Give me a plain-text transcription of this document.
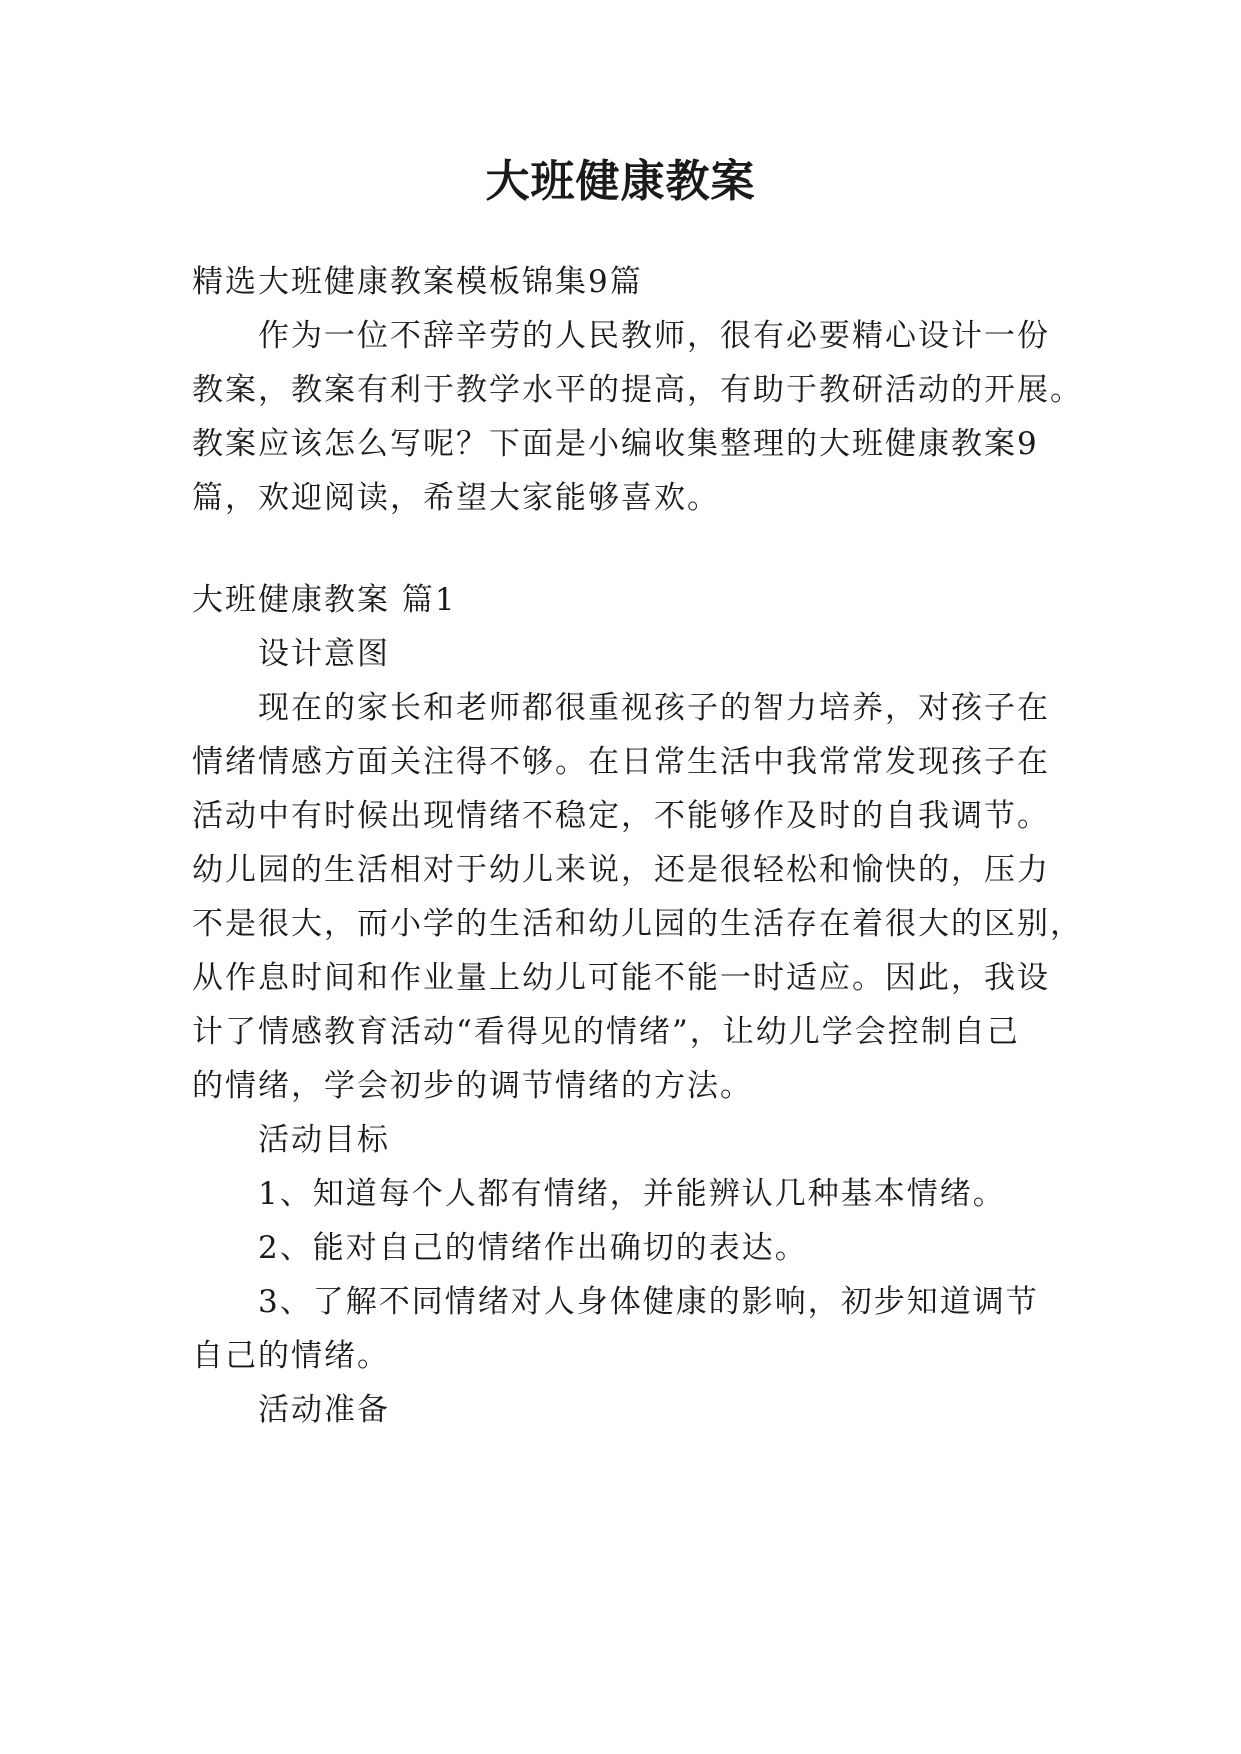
大班健康教案
精选大班健康教案模板锦集9篇
作为一位不辞辛劳的人民教师，很有必要精心设计一份
教案，教案有利于教学水平的提高，有助于教研活动的开展。
教案应该怎么写呢？下面是小编收集整理的大班健康教案9
篇，欢迎阅读，希望大家能够喜欢。
大班健康教案 篇1
设计意图
现在的家长和老师都很重视孩子的智力培养，对孩子在
情绪情感方面关注得不够。在日常生活中我常常发现孩子在
活动中有时候出现情绪不稳定，不能够作及时的自我调节。
幼儿园的生活相对于幼儿来说，还是很轻松和愉快的，压力
不是很大，而小学的生活和幼儿园的生活存在着很大的区别，
从作息时间和作业量上幼儿可能不能一时适应。因此，我设
计了情感教育活动“看得见的情绪”，让幼儿学会控制自己
的情绪，学会初步的调节情绪的方法。
活动目标
1、知道每个人都有情绪，并能辨认几种基本情绪。
2、能对自己的情绪作出确切的表达。
3、了解不同情绪对人身体健康的影响，初步知道调节
自己的情绪。
活动准备
